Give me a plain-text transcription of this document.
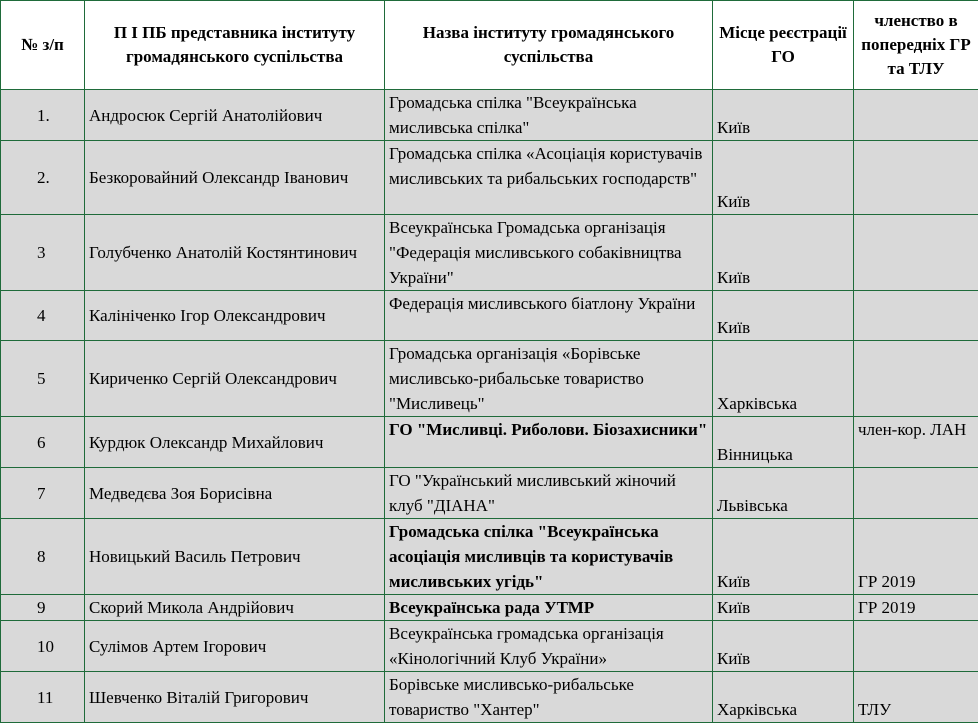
№ з/п	П І ПБ представника інституту громадянського суспільства	Назва інституту громадянського суспільства	Місце реєстрації ГО	членство в попередніх ГР та ТЛУ
1.	Андросюк Сергій Анатолійович	Громадська спілка "Всеукраїнська мисливська спілка"	Київ	
2.	Безкоровайний Олександр Іванович	Громадська спілка «Асоціація користувачів мисливських та рибальських господарств"	Київ	
3	Голубченко Анатолій Костянтинович	Всеукраїнська Громадська організація "Федерація мисливського собаківництва України"	Київ	
4	Калініченко Ігор Олександрович	Федерація мисливського біатлону України	Київ	
5	Кириченко Сергій Олександрович	Громадська організація «Борівське мисливсько-рибальське товариство "Мисливець"	Харківська	
6	Курдюк Олександр Михайлович	ГО "Мисливці. Риболови. Біозахисники"	Вінницька	член-кор. ЛАН
7	Медведєва Зоя Борисівна	ГО "Український мисливський жіночий клуб "ДІАНА"	Львівська	
8	Новицький Василь Петрович	Громадська спілка "Всеукраїнська асоціація мисливців та користувачів мисливських угідь"	Київ	ГР 2019
9	Скорий Микола Андрійович	Всеукраїнська рада УТМР	Київ	ГР 2019
10	Сулімов Артем Ігорович	Всеукраїнська громадська організація «Кінологічний Клуб України»	Київ	
11	Шевченко Віталій Григорович	Борівське мисливсько-рибальське товариство "Хантер"	Харківська	ТЛУ
